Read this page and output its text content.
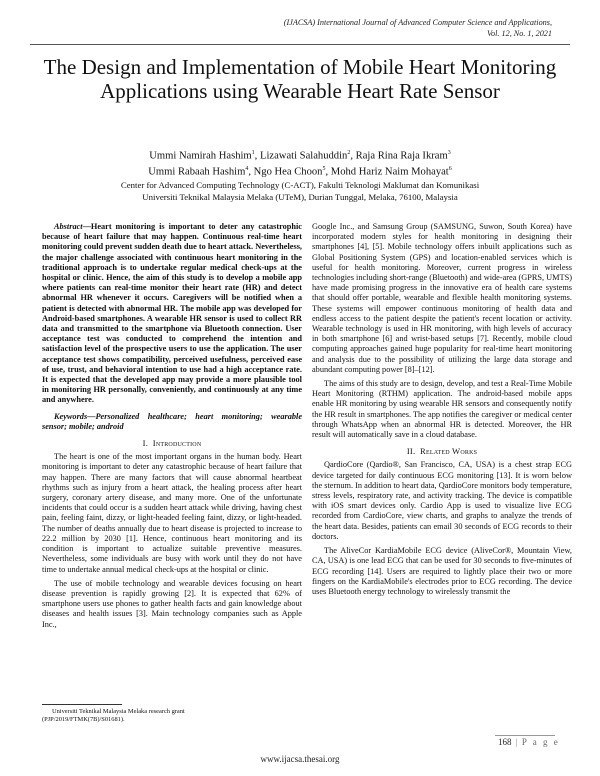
(IJACSA) International Journal of Advanced Computer Science and Applications,
Vol. 12, No. 1, 2021
The Design and Implementation of Mobile Heart Monitoring Applications using Wearable Heart Rate Sensor
Ummi Namirah Hashim$^1$, Lizawati Salahuddin$^2$, Raja Rina Raja Ikram$^3$
Ummi Rabaah Hashim$^4$, Ngo Hea Choon$^5$, Mohd Hariz Naim Mohayat$^6$
Center for Advanced Computing Technology (C-ACT), Fakulti Teknologi Maklumat dan Komunikasi
Universiti Teknikal Malaysia Melaka (UTeM), Durian Tunggal, Melaka, 76100, Malaysia

Abstract—Heart monitoring is important to deter any catastrophic because of heart failure that may happen. Continuous real-time heart monitoring could prevent sudden death due to heart attack. Nevertheless, the major challenge associated with continuous heart monitoring in the traditional approach is to undertake regular medical check-ups at the hospital or clinic. Hence, the aim of this study is to develop a mobile app where patients can real-time monitor their heart rate (HR) and detect abnormal HR whenever it occurs. Caregivers will be notified when a patient is detected with abnormal HR. The mobile app was developed for Android-based smartphones. A wearable HR sensor is used to collect RR data and transmitted to the smartphone via Bluetooth connection. User acceptance test was conducted to comprehend the intention and satisfaction level of the prospective users to use the application. The user acceptance test shows compatibility, perceived usefulness, perceived ease of use, trust, and behavioral intention to use had a high acceptance rate. It is expected that the developed app may provide a more plausible tool in monitoring HR personally, conveniently, and continuously at any time and anywhere.

Keywords—Personalized healthcare; heart monitoring; wearable sensor; mobile; android

I. Introduction

The heart is one of the most important organs in the human body. Heart monitoring is important to deter any catastrophic because of heart failure that may happen. There are many factors that will cause abnormal heartbeat rhythms such as injury from a heart attack, the healing process after heart surgery, coronary artery disease, and many more. One of the unfortunate incidents that could occur is a sudden heart attack while driving, having chest pain, feeling faint, dizzy, or light-headed feeling faint, dizzy, or light-headed. The number of deaths annually due to heart disease is projected to increase to 22.2 million by 2030 [1]. Hence, continuous heart monitoring and its condition is important to actualize suitable preventive measures. Nevertheless, some individuals are busy with work until they do not have time to undertake annual medical check-ups at the hospital or clinic.

The use of mobile technology and wearable devices focusing on heart disease prevention is rapidly growing [2]. It is expected that 62% of smartphone users use phones to gather health facts and gain knowledge about diseases and health issues [3]. Main technology companies such as Apple Inc.,

Google Inc., and Samsung Group (SAMSUNG, Suwon, South Korea) have incorporated modern styles for health monitoring in designing their smartphones [4], [5]. Mobile technology offers inbuilt applications such as Global Positioning System (GPS) and location-enabled services which is useful for health monitoring. Moreover, current progress in wireless technologies including short-range (Bluetooth) and wide-area (GPRS, UMTS) have made promising progress in the innovative era of health care systems that should offer portable, wearable and flexible health monitoring systems. These systems will empower continuous monitoring of health data and endless access to the patient despite the patient's recent location or activity. Wearable technology is used in HR monitoring, with high levels of accuracy in both smartphone [6] and wrist-based setups [7]. Recently, mobile cloud computing approaches gained huge popularity for real-time heart monitoring and analysis due to the possibility of utilizing the large data storage and abundant computing power [8]–[12].

The aims of this study are to design, develop, and test a Real-Time Mobile Heart Monitoring (RTHM) application. The android-based mobile apps enable HR monitoring by using wearable HR sensors and consequently notify the HR result in smartphones. The app notifies the caregiver or medical center through WhatsApp when an abnormal HR is detected. Moreover, the HR result will automatically save in a cloud database.

II. Related Works

QardioCore (Qardio®, San Francisco, CA, USA) is a chest strap ECG device targeted for daily continuous ECG monitoring [13]. It is worn below the sternum. In addition to heart data, QardioCore monitors body temperature, stress levels, respiratory rate, and activity tracking. The device is compatible with iOS smart devices only. Cardio App is used to visualize live ECG recorded from CardioCore, view charts, and graphs to analyze the trends of the heart data. Besides, patients can email 30 seconds of ECG records to their doctors.

The AliveCor KardiaMobile ECG device (AliveCor®, Mountain View, CA, USA) is one lead ECG that can be used for 30 seconds to five-minutes of ECG recording [14]. Users are required to lightly place their two or more fingers on the KardiaMobile's electrodes prior to ECG recording. The device uses Bluetooth energy technology to wirelessly transmit the

Universiti Teknikal Malaysia Melaka research grant
(PJP/2019/FTMK(7B)/S01681).
168 | P a g e
www.ijacsa.thesai.org
